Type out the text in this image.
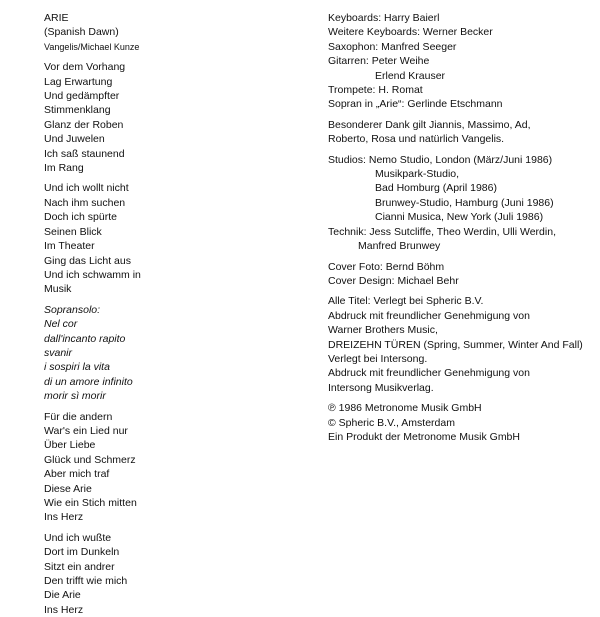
ARIE
(Spanish Dawn)
Vangelis/Michael Kunze
Vor dem Vorhang
Lag Erwartung
Und gedämpfter
Stimmenklang
Glanz der Roben
Und Juwelen
Ich saß staunend
Im Rang
Und ich wollt nicht
Nach ihm suchen
Doch ich spürte
Seinen Blick
Im Theater
Ging das Licht aus
Und ich schwamm in
Musik
Sopransolo:
Nel cor
dall'incanto rapito
svanir
i sospiri la vita
di un amore infinito
morir sì morir
Für die andern
War's ein Lied nur
Über Liebe
Glück und Schmerz
Aber mich traf
Diese Arie
Wie ein Stich mitten
Ins Herz
Und ich wußte
Dort im Dunkeln
Sitzt ein andrer
Den trifft wie mich
Die Arie
Ins Herz
Keyboards: Harry Baierl
Weitere Keyboards: Werner Becker
Saxophon: Manfred Seeger
Gitarren: Peter Weihe
Erlend Krauser
Trompete: H. Romat
Sopran in „Arie“: Gerlinde Etschmann
Besonderer Dank gilt Jiannis, Massimo, Ad,
Roberto, Rosa und natürlich Vangelis.
Studios: Nemo Studio, London (März/Juni 1986)
Musikpark-Studio,
Bad Homburg (April 1986)
Brunwey-Studio, Hamburg (Juni 1986)
Cianni Musica, New York (Juli 1986)
Technik: Jess Sutcliffe, Theo Werdin, Ulli Werdin,
Manfred Brunwey
Cover Foto: Bernd Böhm
Cover Design: Michael Behr
Alle Titel: Verlegt bei Spheric B.V.
Abdruck mit freundlicher Genehmigung von
Warner Brothers Music,
DREIZEHN TÜREN (Spring, Summer, Winter And Fall)
Verlegt bei Intersong.
Abdruck mit freundlicher Genehmigung von
Intersong Musikverlag.
℗ 1986 Metronome Musik GmbH
© Spheric B.V., Amsterdam
Ein Produkt der Metronome Musik GmbH
